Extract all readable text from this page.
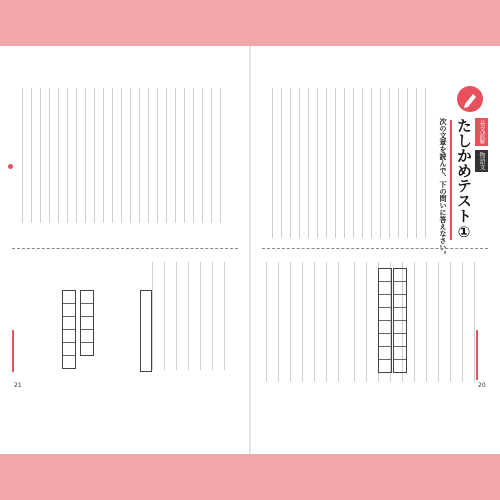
21
長文読解
物語文
たしかめテスト①
次の文章を読んで、下の問いに答えなさい。
20
